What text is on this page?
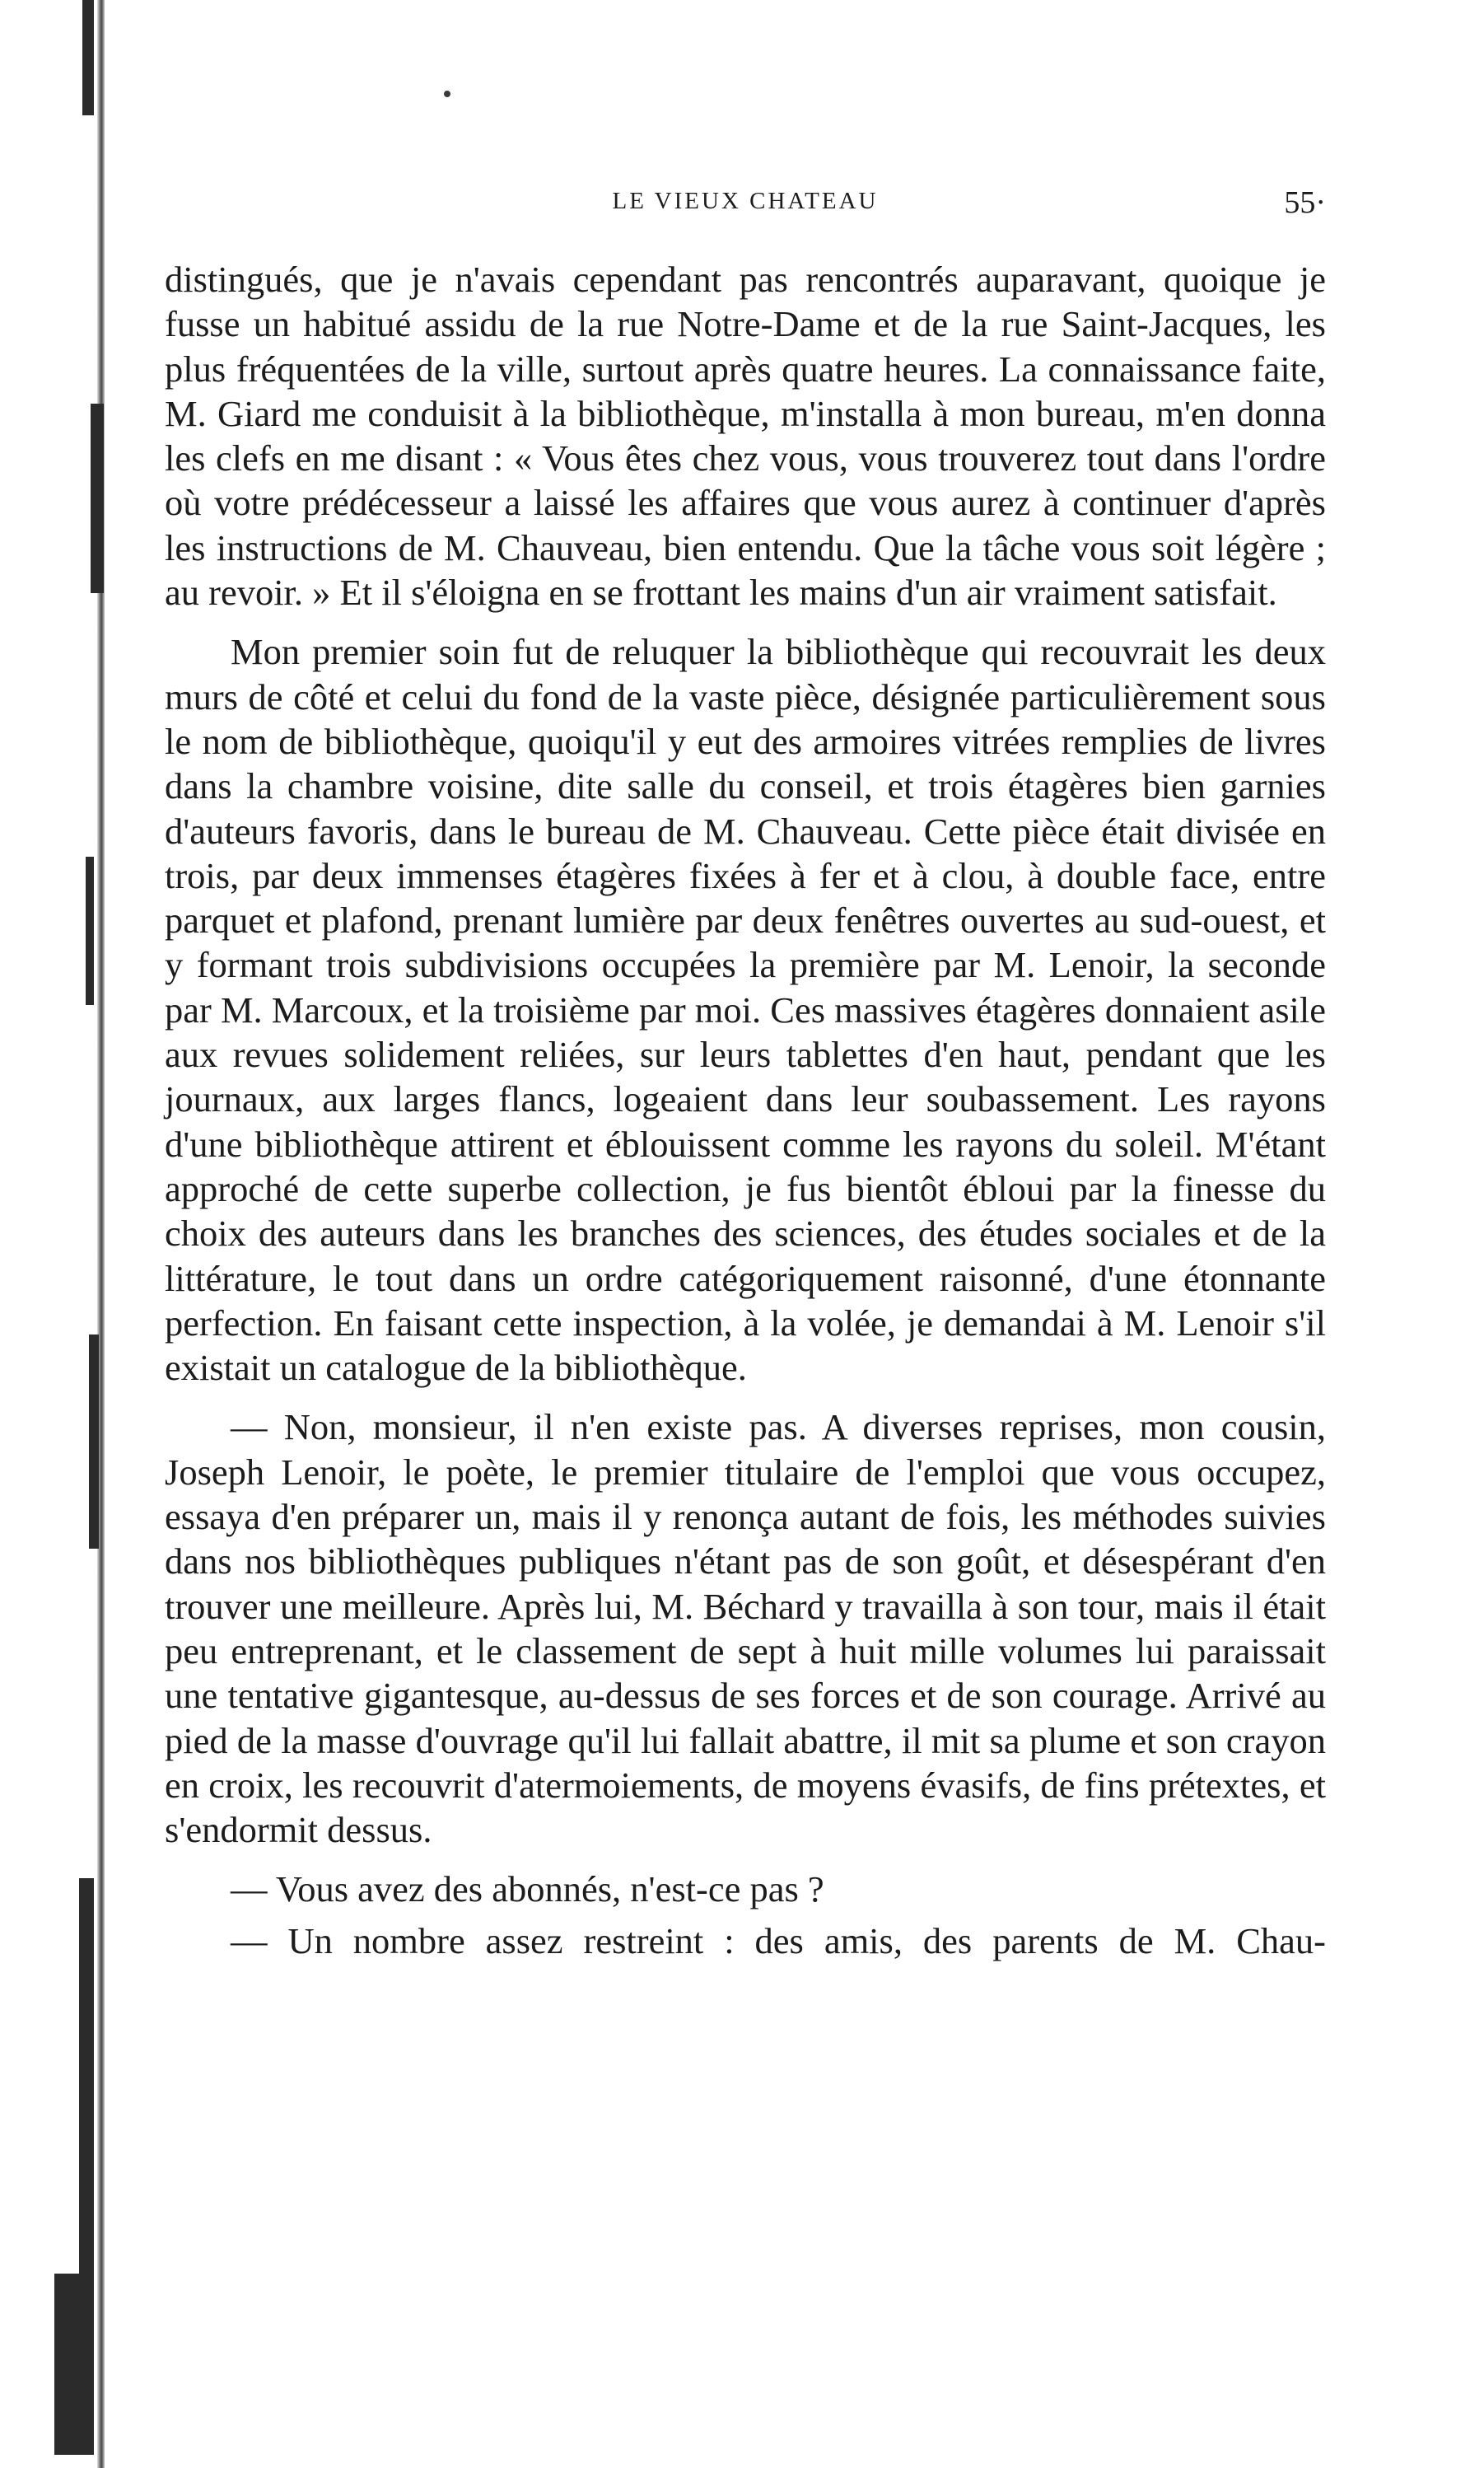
LE VIEUX CHATEAU	55·

distingués, que je n'avais cependant pas rencontrés auparavant, quoique je fusse un habitué assidu de la rue Notre-Dame et de la rue Saint-Jacques, les plus fréquentées de la ville, surtout après quatre heures. La connaissance faite, M. Giard me conduisit à la bibliothèque, m'installa à mon bureau, m'en donna les clefs en me disant : « Vous êtes chez vous, vous trouverez tout dans l'ordre où votre prédécesseur a laissé les affaires que vous aurez à continuer d'après les instructions de M. Chauveau, bien entendu. Que la tâche vous soit légère ; au revoir. » Et il s'éloigna en se frottant les mains d'un air vraiment satisfait.

Mon premier soin fut de reluquer la bibliothèque qui recouvrait les deux murs de côté et celui du fond de la vaste pièce, désignée particulièrement sous le nom de bibliothèque, quoiqu'il y eut des armoires vitrées remplies de livres dans la chambre voisine, dite salle du conseil, et trois étagères bien garnies d'auteurs favoris, dans le bureau de M. Chauveau. Cette pièce était divisée en trois, par deux immenses étagères fixées à fer et à clou, à double face, entre parquet et plafond, prenant lumière par deux fenêtres ouvertes au sud-ouest, et y formant trois subdivisions occupées la première par M. Lenoir, la seconde par M. Marcoux, et la troisième par moi. Ces massives étagères donnaient asile aux revues solidement reliées, sur leurs tablettes d'en haut, pendant que les journaux, aux larges flancs, logeaient dans leur soubassement. Les rayons d'une bibliothèque attirent et éblouissent comme les rayons du soleil. M'étant approché de cette superbe collection, je fus bientôt ébloui par la finesse du choix des auteurs dans les branches des sciences, des études sociales et de la littérature, le tout dans un ordre catégoriquement raisonné, d'une étonnante perfection. En faisant cette inspection, à la volée, je demandai à M. Lenoir s'il existait un catalogue de la bibliothèque.

— Non, monsieur, il n'en existe pas. A diverses reprises, mon cousin, Joseph Lenoir, le poète, le premier titulaire de l'emploi que vous occupez, essaya d'en préparer un, mais il y renonça autant de fois, les méthodes suivies dans nos bibliothèques publiques n'étant pas de son goût, et désespérant d'en trouver une meilleure. Après lui, M. Béchard y travailla à son tour, mais il était peu entreprenant, et le classement de sept à huit mille volumes lui paraissait une tentative gigantesque, au-dessus de ses forces et de son courage. Arrivé au pied de la masse d'ouvrage qu'il lui fallait abattre, il mit sa plume et son crayon en croix, les recouvrit d'atermoiements, de moyens évasifs, de fins prétextes, et s'endormit dessus.

— Vous avez des abonnés, n'est-ce pas ?

— Un nombre assez restreint : des amis, des parents de M. Chau-
